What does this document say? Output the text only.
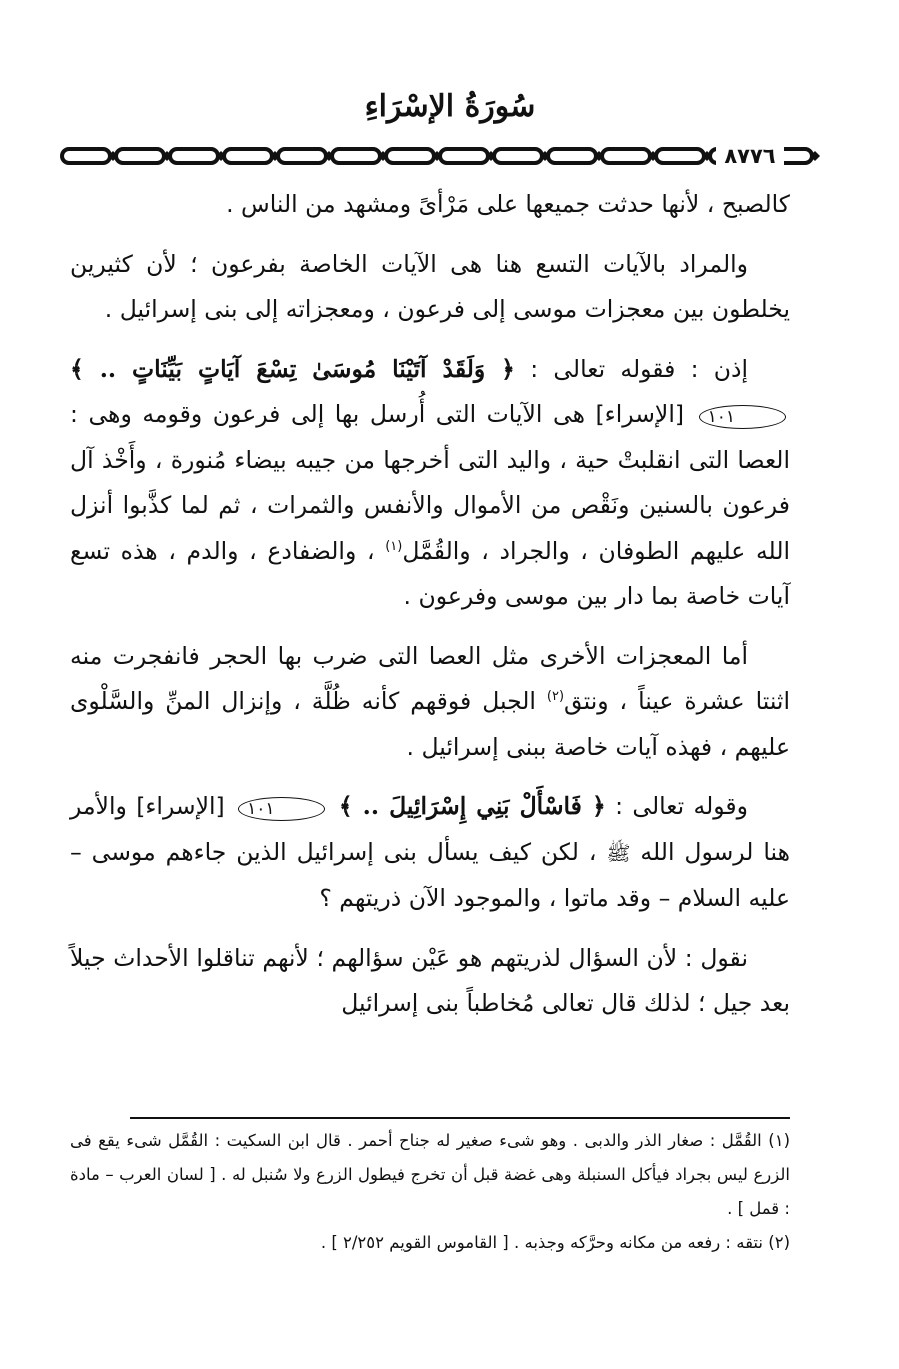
سُورَةُ الإسْرَاءِ
٨٧٧٦

كالصبح ، لأنها حدثت جميعها على مَرْأىً ومشهد من الناس .

والمراد بالآيات التسع هنا هى الآيات الخاصة بفرعون ؛ لأن كثيرين يخلطون بين معجزات موسى إلى فرعون ، ومعجزاته إلى بنى إسرائيل .

إذن : فقوله تعالى : ﴿ وَلَقَدْ آتَيْنَا مُوسَىٰ تِسْعَ آيَاتٍ بَيِّنَاتٍ .. ﴾ ١٠١ [الإسراء] هى الآيات التى أُرسل بها إلى فرعون وقومه وهى : العصا التى انقلبتْ حية ، واليد التى أخرجها من جيبه بيضاء مُنورة ، وأَخْذ آل فرعون بالسنين ونَقْص من الأموال والأنفس والثمرات ، ثم لما كذَّبوا أنزل الله عليهم الطوفان ، والجراد ، والقُمَّل$^{(١)}$ ، والضفادع ، والدم ، هذه تسع آيات خاصة بما دار بين موسى وفرعون .

أما المعجزات الأخرى مثل العصا التى ضرب بها الحجر فانفجرت منه اثنتا عشرة عيناً ، ونتق$^{(٢)}$ الجبل فوقهم كأنه ظُلَّة ، وإنزال المنِّ والسَّلْوى عليهم ، فهذه آيات خاصة ببنى إسرائيل .

وقوله تعالى : ﴿ فَاسْأَلْ بَنِي إِسْرَائِيلَ .. ﴾ ١٠١ [الإسراء] والأمر هنا لرسول الله ﷺ ، لكن كيف يسأل بنى إسرائيل الذين جاءهم موسى – عليه السلام – وقد ماتوا ، والموجود الآن ذريتهم ؟

نقول : لأن السؤال لذريتهم هو عَيْن سؤالهم ؛ لأنهم تناقلوا الأحداث جيلاً بعد جيل ؛ لذلك قال تعالى مُخاطباً بنى إسرائيل

(١) القُمَّل : صغار الذر والدبى . وهو شىء صغير له جناح أحمر . قال ابن السكيت : القُمَّل شىء يقع فى الزرع ليس بجراد فيأكل السنبلة وهى غضة قبل أن تخرج فيطول الزرع ولا سُنبل له . [ لسان العرب – مادة : قمل ] .

(٢) نتقه : رفعه من مكانه وحرَّكه وجذبه . [ القاموس القويم ٢/٢٥٢ ] .
